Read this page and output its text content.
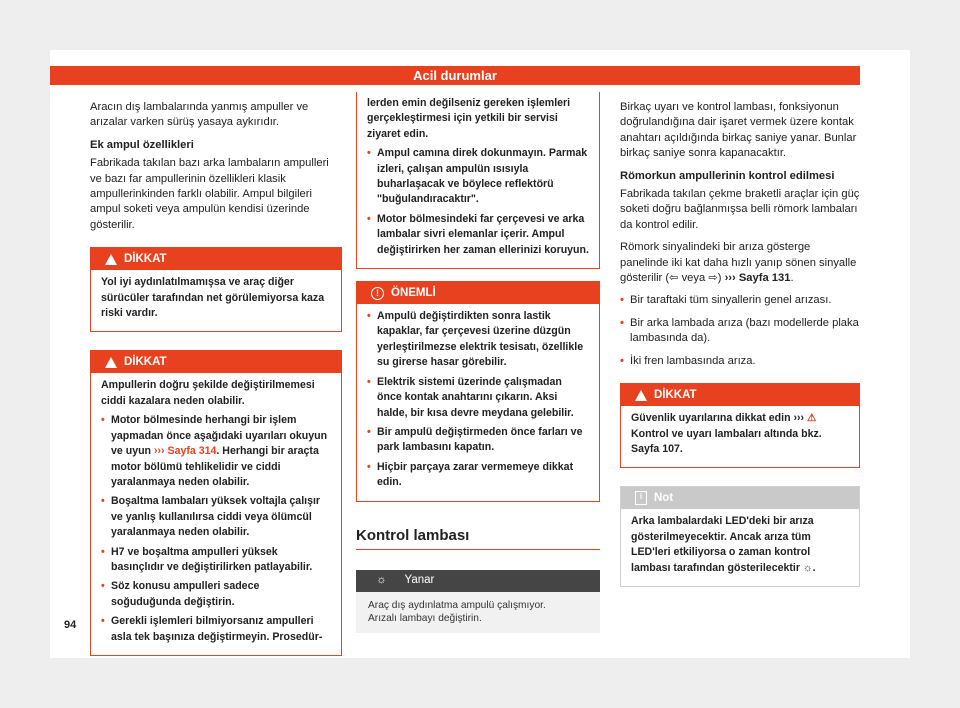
Acil durumlar

Aracın dış lambalarında yanmış ampuller ve arızalar varken sürüş yasaya aykırıdır.

Ek ampul özellikleri

Fabrikada takılan bazı arka lambaların ampulleri ve bazı far ampullerinin özellikleri klasik ampullerinkinden farklı olabilir. Ampul bilgileri ampul soketi veya ampulün kendisi üzerinde gösterilir.

DİKKAT

Yol iyi aydınlatılmamışsa ve araç diğer sürücüler tarafından net görülemiyorsa kaza riski vardır.

DİKKAT

Ampullerin doğru şekilde değiştirilmemesi ciddi kazalara neden olabilir.

• Motor bölmesinde herhangi bir işlem yapmadan önce aşağıdaki uyarıları okuyun ve uyun ››› Sayfa 314. Herhangi bir araçta motor bölümü tehlikelidir ve ciddi yaralanmaya neden olabilir.

• Boşaltma lambaları yüksek voltajla çalışır ve yanlış kullanılırsa ciddi veya ölümcül yaralanmaya neden olabilir.

• H7 ve boşaltma ampulleri yüksek basınçlıdır ve değiştirilirken patlayabilir.

• Söz konusu ampulleri sadece soğuduğunda değiştirin.

• Gerekli işlemleri bilmiyorsanız ampulleri asla tek başınıza değiştirmeyin. Prosedür-

lerden emin değilseniz gereken işlemleri gerçekleştirmesi için yetkili bir servisi ziyaret edin.

• Ampul camına direk dokunmayın. Parmak izleri, çalışan ampulün ısısıyla buharlaşacak ve böylece reflektörü "buğulandıracaktır".

• Motor bölmesindeki far çerçevesi ve arka lambalar sivri elemanlar içerir. Ampul değiştirirken her zaman ellerinizi koruyun.

!	ÖNEMLİ

• Ampulü değiştirdikten sonra lastik kapaklar, far çerçevesi üzerine düzgün yerleştirilmezse elektrik tesisatı, özellikle su girerse hasar görebilir.

• Elektrik sistemi üzerinde çalışmadan önce kontak anahtarını çıkarın. Aksi halde, bir kısa devre meydana gelebilir.

• Bir ampulü değiştirmeden önce farları ve park lambasını kapatın.

• Hiçbir parçaya zarar vermemeye dikkat edin.

Kontrol lambası
☼ Yanar
Araç dış aydınlatma ampulü çalışmıyor.
Arızalı lambayı değiştirin.

Birkaç uyarı ve kontrol lambası, fonksiyonun doğrulandığına dair işaret vermek üzere kontak anahtarı açıldığında birkaç saniye yanar. Bunlar birkaç saniye sonra kapanacaktır.

Römorkun ampullerinin kontrol edilmesi

Fabrikada takılan çekme braketli araçlar için güç soketi doğru bağlanmışsa belli römork lambaları da kontrol edilir.

Römork sinyalindeki bir arıza gösterge panelinde iki kat daha hızlı yanıp sönen sinyalle gösterilir (⇦ veya ⇨) ››› Sayfa 131.

• Bir taraftaki tüm sinyallerin genel arızası.

• Bir arka lambada arıza (bazı modellerde plaka lambasında da).

• İki fren lambasında arıza.

DİKKAT

Güvenlik uyarılarına dikkat edin ››› ⚠ Kontrol ve uyarı lambaları altında bkz. Sayfa 107.

i	Not

Arka lambalardaki LED'deki bir arıza gösterilmeyecektir. Ancak arıza tüm LED'leri etkiliyorsa o zaman kontrol lambası tarafından gösterilecektir ☼.

94
